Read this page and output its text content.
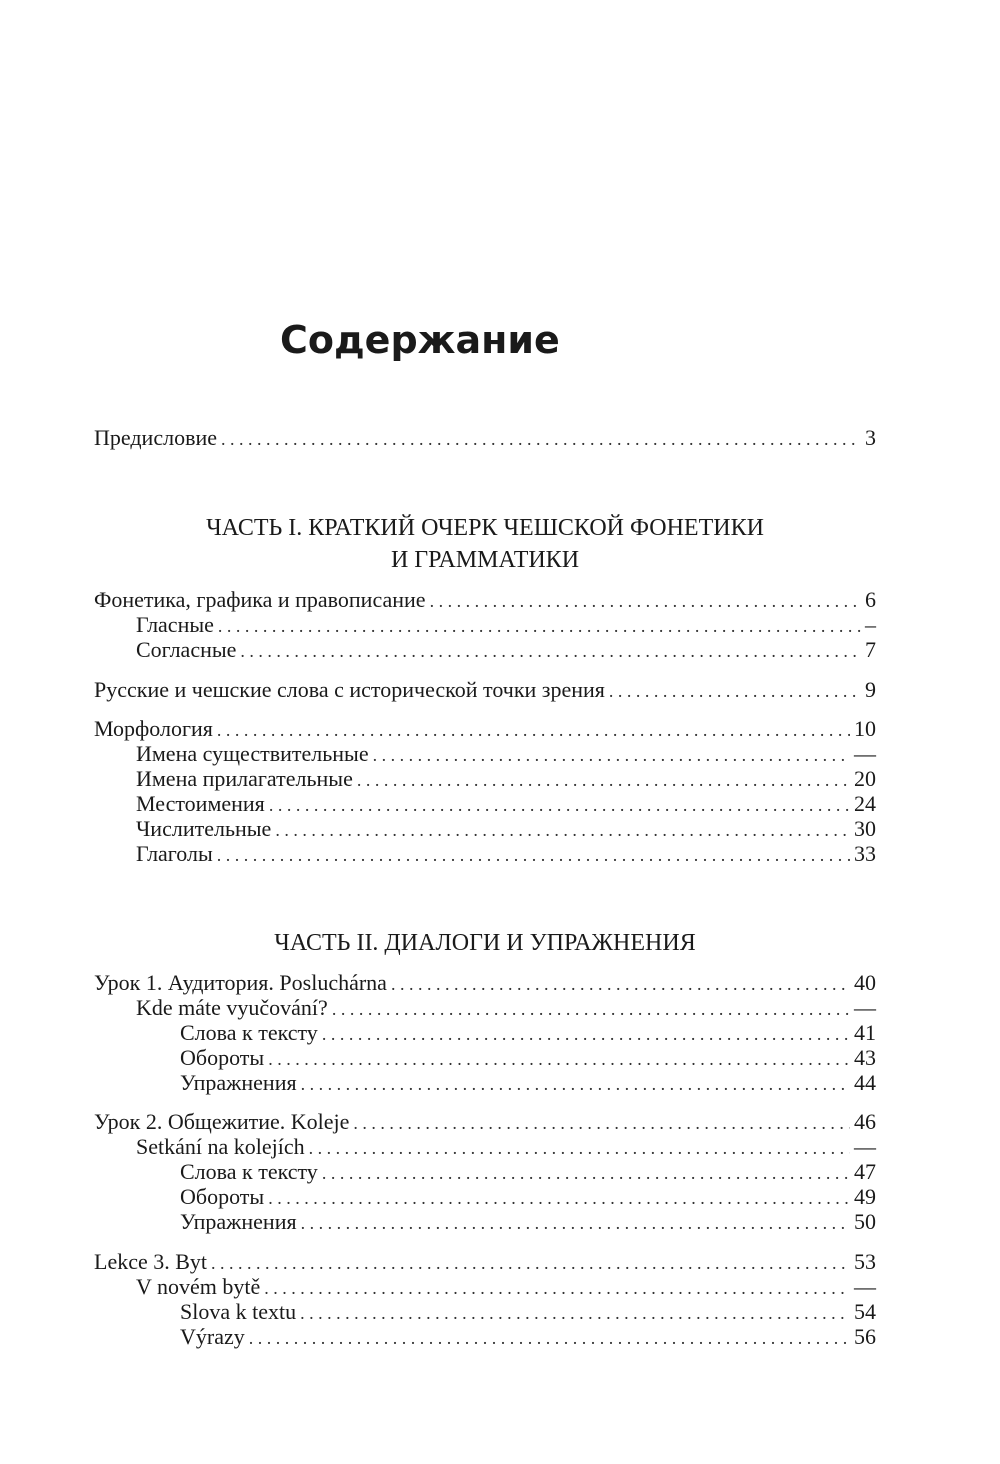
Содержание
Предисловие . . .	3

ЧАСТЬ I. КРАТКИЙ ОЧЕРК ЧЕШСКОЙ ФОНЕТИКИ

И ГРАММАТИКИ

Фонетика, графика и правописание . . .	6
Гласные . . .	–
Согласные . . .	7
Русские и чешские слова с исторической точки зрения . . .	9
Морфология . . .	10
Имена существительные . . .	—
Имена прилагательные . . .	20
Местоимения . . .	24
Числительные . . .	30
Глаголы . . .	33

ЧАСТЬ II. ДИАЛОГИ И УПРАЖНЕНИЯ

Урок 1. Аудитория. Posluchárna . . .	40
Kde máte vyučování? . . .	—
Слова к тексту . . .	41
Обороты . . .	43
Упражнения . . .	44
Урок 2. Общежитие. Koleje . . .	46
Setkání na kolejích . . .	—
Слова к тексту . . .	47
Обороты . . .	49
Упражнения . . .	50
Lekce 3. Byt . . .	53
V novém bytě . . .	—
Slova k textu . . .	54
Výrazy . . .	56
